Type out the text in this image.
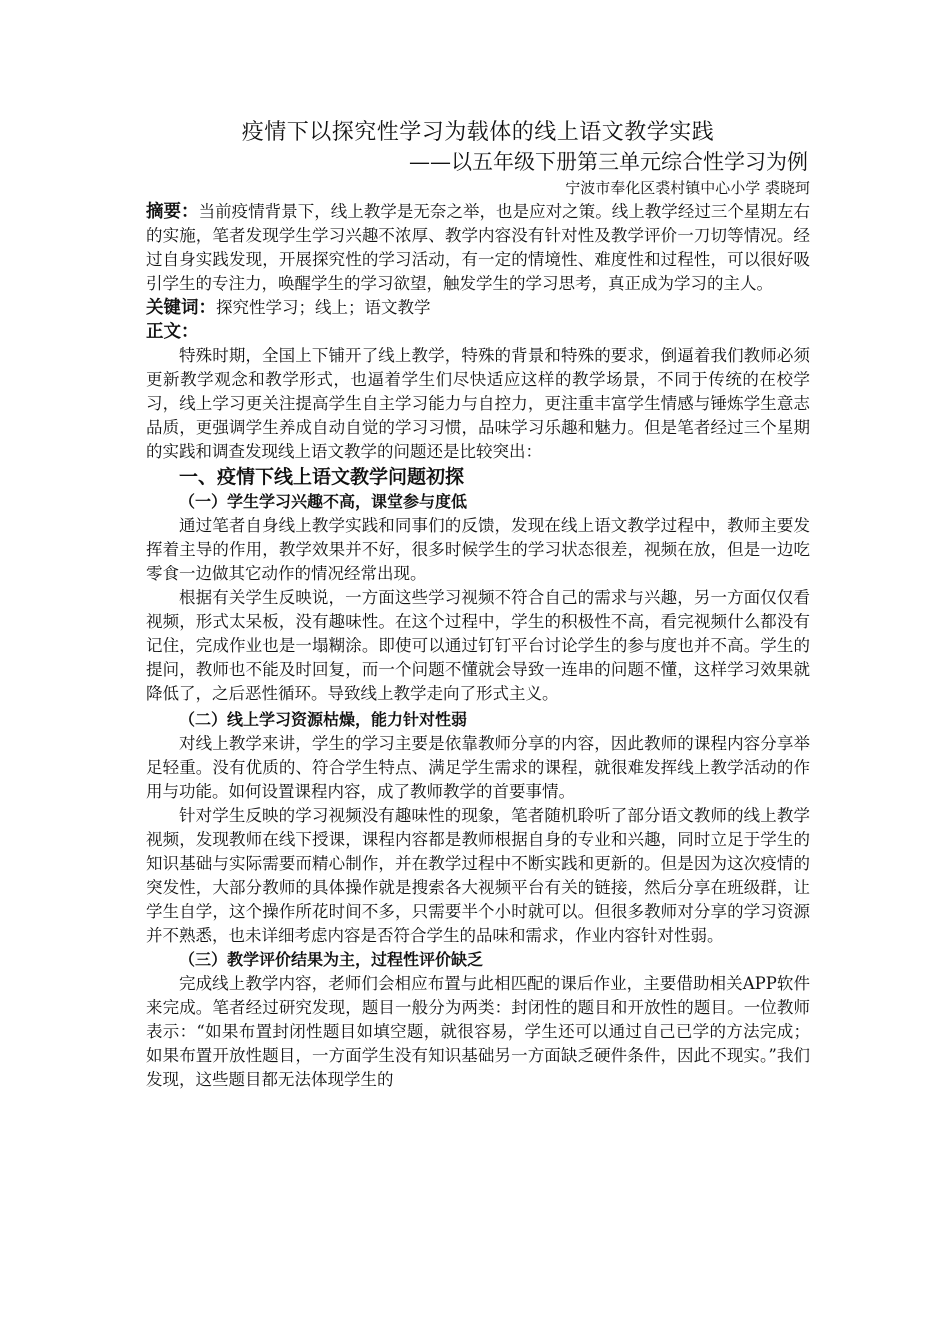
疫情下以探究性学习为载体的线上语文教学实践

——以五年级下册第三单元综合性学习为例

宁波市奉化区裘村镇中心小学 裘晓珂

摘要：当前疫情背景下，线上教学是无奈之举，也是应对之策。线上教学经过三个星期左右的实施，笔者发现学生学习兴趣不浓厚、教学内容没有针对性及教学评价一刀切等情况。经过自身实践发现，开展探究性的学习活动，有一定的情境性、难度性和过程性，可以很好吸引学生的专注力，唤醒学生的学习欲望，触发学生的学习思考，真正成为学习的主人。

关键词：探究性学习；线上；语文教学

正文：

特殊时期，全国上下铺开了线上教学，特殊的背景和特殊的要求，倒逼着我们教师必须更新教学观念和教学形式，也逼着学生们尽快适应这样的教学场景，不同于传统的在校学习，线上学习更关注提高学生自主学习能力与自控力，更注重丰富学生情感与锤炼学生意志品质，更强调学生养成自动自觉的学习习惯，品味学习乐趣和魅力。但是笔者经过三个星期的实践和调查发现线上语文教学的问题还是比较突出：

一、疫情下线上语文教学问题初探

（一）学生学习兴趣不高，课堂参与度低

通过笔者自身线上教学实践和同事们的反馈，发现在线上语文教学过程中，教师主要发挥着主导的作用，教学效果并不好，很多时候学生的学习状态很差，视频在放，但是一边吃零食一边做其它动作的情况经常出现。

根据有关学生反映说，一方面这些学习视频不符合自己的需求与兴趣，另一方面仅仅看视频，形式太呆板，没有趣味性。在这个过程中，学生的积极性不高，看完视频什么都没有记住，完成作业也是一塌糊涂。即使可以通过钉钉平台讨论学生的参与度也并不高。学生的提问，教师也不能及时回复，而一个问题不懂就会导致一连串的问题不懂，这样学习效果就降低了，之后恶性循环。导致线上教学走向了形式主义。

（二）线上学习资源枯燥，能力针对性弱

对线上教学来讲，学生的学习主要是依靠教师分享的内容，因此教师的课程内容分享举足轻重。没有优质的、符合学生特点、满足学生需求的课程，就很难发挥线上教学活动的作用与功能。如何设置课程内容，成了教师教学的首要事情。

针对学生反映的学习视频没有趣味性的现象，笔者随机聆听了部分语文教师的线上教学视频，发现教师在线下授课，课程内容都是教师根据自身的专业和兴趣，同时立足于学生的知识基础与实际需要而精心制作，并在教学过程中不断实践和更新的。但是因为这次疫情的突发性，大部分教师的具体操作就是搜索各大视频平台有关的链接，然后分享在班级群，让学生自学，这个操作所花时间不多，只需要半个小时就可以。但很多教师对分享的学习资源并不熟悉，也未详细考虑内容是否符合学生的品味和需求，作业内容针对性弱。

（三）教学评价结果为主，过程性评价缺乏

完成线上教学内容，老师们会相应布置与此相匹配的课后作业，主要借助相关APP软件来完成。笔者经过研究发现，题目一般分为两类：封闭性的题目和开放性的题目。一位教师表示：“如果布置封闭性题目如填空题，就很容易，学生还可以通过自己已学的方法完成；如果布置开放性题目，一方面学生没有知识基础另一方面缺乏硬件条件，因此不现实。”我们发现，这些题目都无法体现学生的
